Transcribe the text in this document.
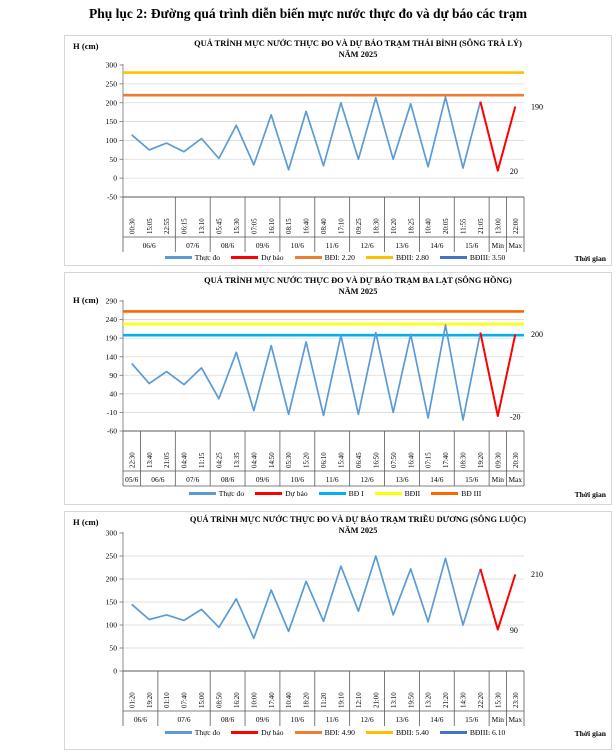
Phụ lục 2: Đường quá trình diễn biến mực nước thực đo và dự báo các trạm
H (cm)	QUÁ TRÌNH MỰC NƯỚC THỰC ĐO VÀ DỰ BÁO TRẠM THÁI BÌNH (SÔNG TRÀ LÝ)
NĂM 2025
-50
0
50
100
150
200
250
300
06/6	07/6	08/6	09/6	10/6	11/6	12/6	13/6	14/6	15/6 Min Max
00:30 15:05 22:55 06:15 13:10 05:45 15:30 07:05 16:10 08:15 16:40 08:40 17:10 09:25 18:30 10:20 18:25 10:40 20:05 11:55 21:05 13:00 22:00
20
190
Thực đo	Dự báo	BĐI: 2.20	BĐII: 2.80	BĐIII: 3.50	Thời gian
H (cm)
QUÁ TRÌNH MỰC NƯỚC THỰC ĐO VÀ DỰ BÁO TRẠM BA LẠT (SÔNG HỒNG)
NĂM 2025
-60
-10
40
90
140
190
240
290
05/6 06/6	07/6	08/6	09/6	10/6	11/6	12/6	13/6	14/6	15/6 Min Max
22:30 13:40 21:05 04:40 11:15 04:25 13:35 04:40 14:50 05:30 15:20 06:10 15:40 06:45 16:50 07:50 16:40 07:15 17:40 08:30 19:20 09:30 20:30
-20
200
Thực đo	Dự báo	BĐ I	BĐII	BĐ III	Thời gian
H (cm)	QUÁ TRÌNH MỰC NƯỚC THỰC ĐO VÀ DỰ BÁO TRẠM TRIỀU DƯƠNG (SÔNG LUỘC)
NĂM 2025
0
50
100
150
200
250
300
06/6	07/6	08/6	09/6	10/6	11/6	12/6	13/6	14/6	15/6 Min Max
01:20 19:20 01:10 07:40 15:00 08:50 16:20 10:00 17:40 10:40 18:20 11:20 19:10 12:10 21:00 13:10 19:50 13:20 21:20 14:30 22:20 15:30 23:30
90
210
Thực đo	Dự báo	BĐI: 4.90	BĐII: 5.40	BĐIII: 6.10	Thời gian
